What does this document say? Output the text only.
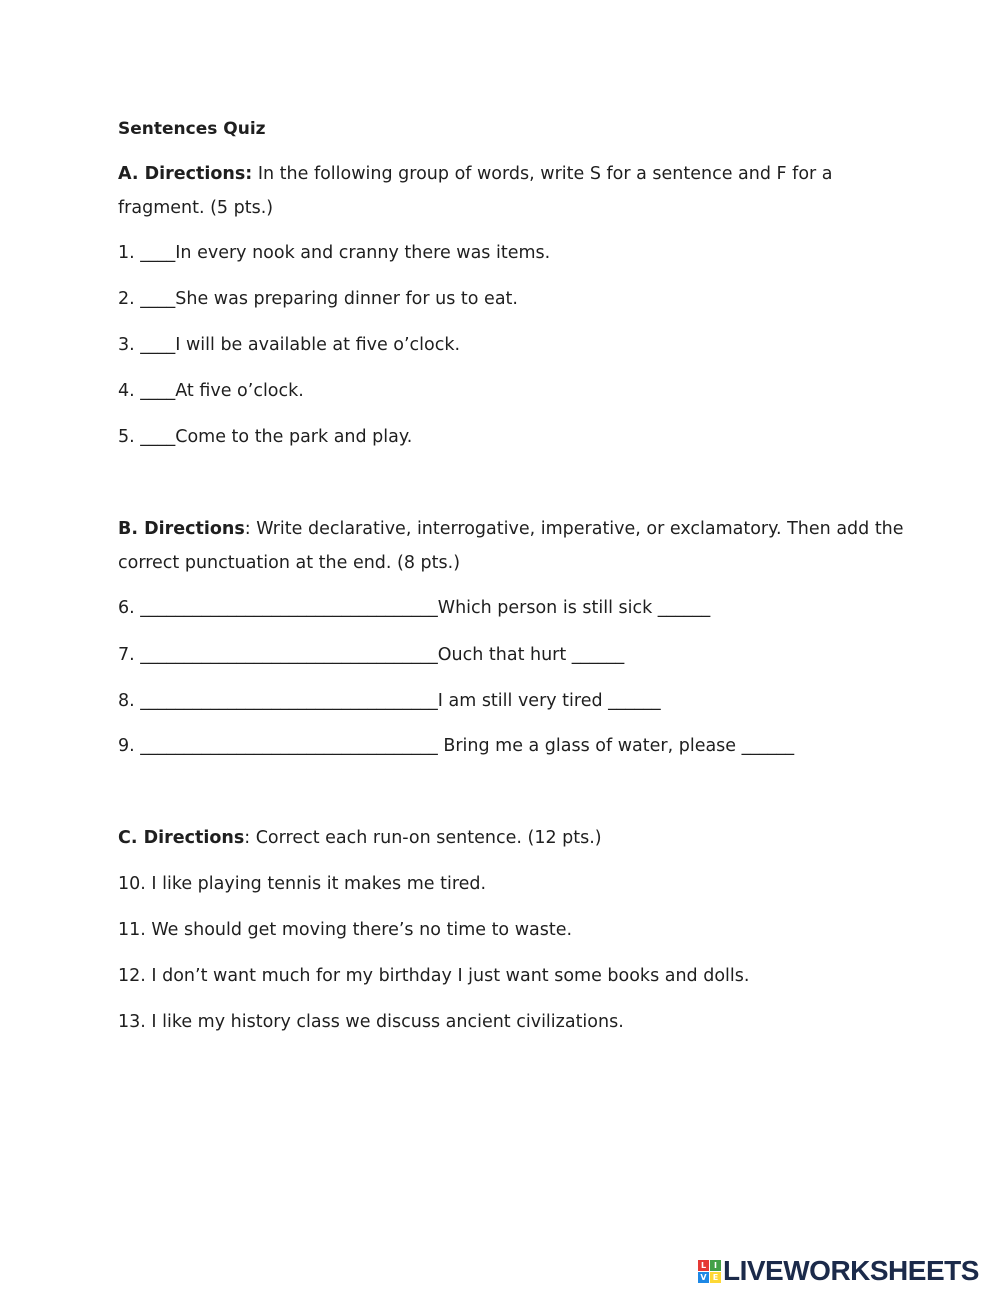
Sentences Quiz
A. Directions: In the following group of words, write S for a sentence and F for a
fragment. (5 pts.)
1. ____In every nook and cranny there was items.
2. ____She was preparing dinner for us to eat.
3. ____I will be available at five o’clock.
4. ____At five o’clock.
5. ____Come to the park and play.
B. Directions: Write declarative, interrogative, imperative, or exclamatory. Then add the
correct punctuation at the end. (8 pts.)
6. __________________________________Which person is still sick ______
7. __________________________________Ouch that hurt ______
8. __________________________________I am still very tired ______
9. __________________________________ Bring me a glass of water, please ______
C. Directions: Correct each run-on sentence. (12 pts.)
10. I like playing tennis it makes me tired.
11. We should get moving there’s no time to waste.
12. I don’t want much for my birthday I just want some books and dolls.
13. I like my history class we discuss ancient civilizations.
L I
V E LIVEWORKSHEETS
